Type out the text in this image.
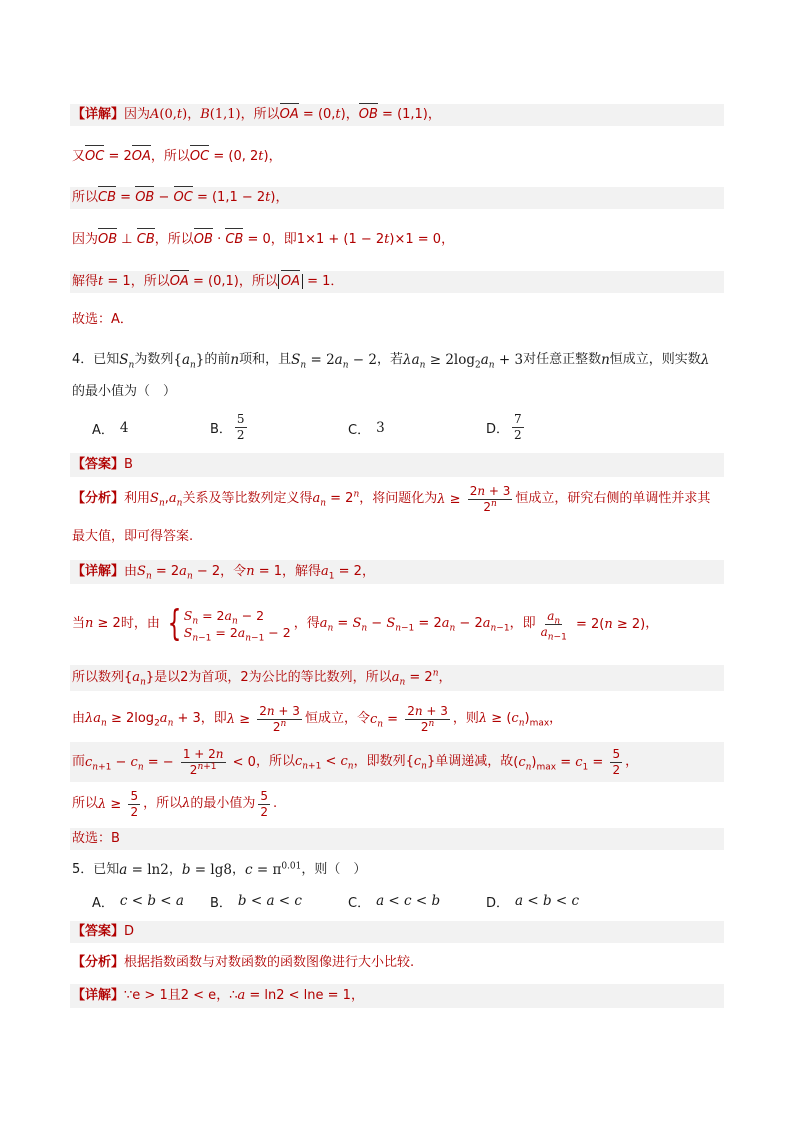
【详解】 因为 A(0,t) ，B(1,1) ，所以 OA = (0,t) ， OB = (1,1) ，
又 OC = 2OA ，所以 OC = (0, 2t) ，
所以 CB = OB − OC = (1,1 − 2t) ，
因为 OB ⊥ CB ，所以 OB · CB = 0 ，即 1×1 + (1 − 2t)×1 = 0 ，
解得 t = 1 ，所以 OA = (0,1) ，所以 OA = 1 ．
故选：A．
4．已知 $S_n$ 为数列 $\{a_n\}$ 的前 n 项和，且 $S_n = 2a_n - 2$ ，若 $\lambda a_n \ge 2\log_2a_n + 3$ 对任意正整数 n 恒成立，则实数 λ
的最小值为（　）
A． 4	B． $\frac{5}{2}$	C． 3	D． $\frac{7}{2}$
【答案】 B
【分析】 利用 $S_n,a_n$ 关系及等比数列定义得 $a_n = 2^n$ ，将问题化为 $\lambda \ge \frac{2n + 3}{2^n}$ 恒成立，研究右侧的单调性并求其
最大值，即可得答案.
【详解】 由 $S_n = 2a_n - 2$ ，令 n = 1 ，解得 $a_1 = 2$ ，
当 n ≥ 2 时，由 { $S_n = 2a_n - 2$
$S_{n-1} = 2a_{n-1} - 2$
，得 $a_n = S_n - S_{n-1} = 2a_n - 2a_{n-1}$ ，即 $\frac{a_n}{a_{n-1}} = 2(n \ge 2)$ ，
所以数列 $\{a_n\}$ 是以2为首项，2为公比的等比数列，所以 $a_n = 2^n$ ，
由 $\lambda a_n \ge 2\log_2a_n + 3$ ，即 $\lambda \ge \frac{2n + 3}{2^n}$ 恒成立，令 $c_n = \frac{2n + 3}{2^n}$ ，则 $\lambda \ge (c_n)_{max}$ ，
而 $c_{n+1} - c_n$ = − $\frac{1 + 2n}{2^{n+1}} < 0$ ，所以 $c_{n+1} < c_n$ ，即数列 $\{c_n\}$ 单调递减，故 $(c_n)_{max} = c_1 = \frac{5}{2}$ ，
所以 $\lambda \ge \frac{5}{2}$ ，所以 λ 的最小值为 $\frac{5}{2}$ .
故选：B
5．已知 a = ln2 ， b = lg8 ， $c = \pi^{0.01}$ ，则（　）
A． c < b < a B． b < a < c	C． a < c < b	D． a < b < c
【答案】 D
【分析】 根据指数函数与对数函数的函数图像进行大小比较.
【详解】 ∵ e > 1 且 2 < e ，∴ a = ln2 < lne = 1 ，
